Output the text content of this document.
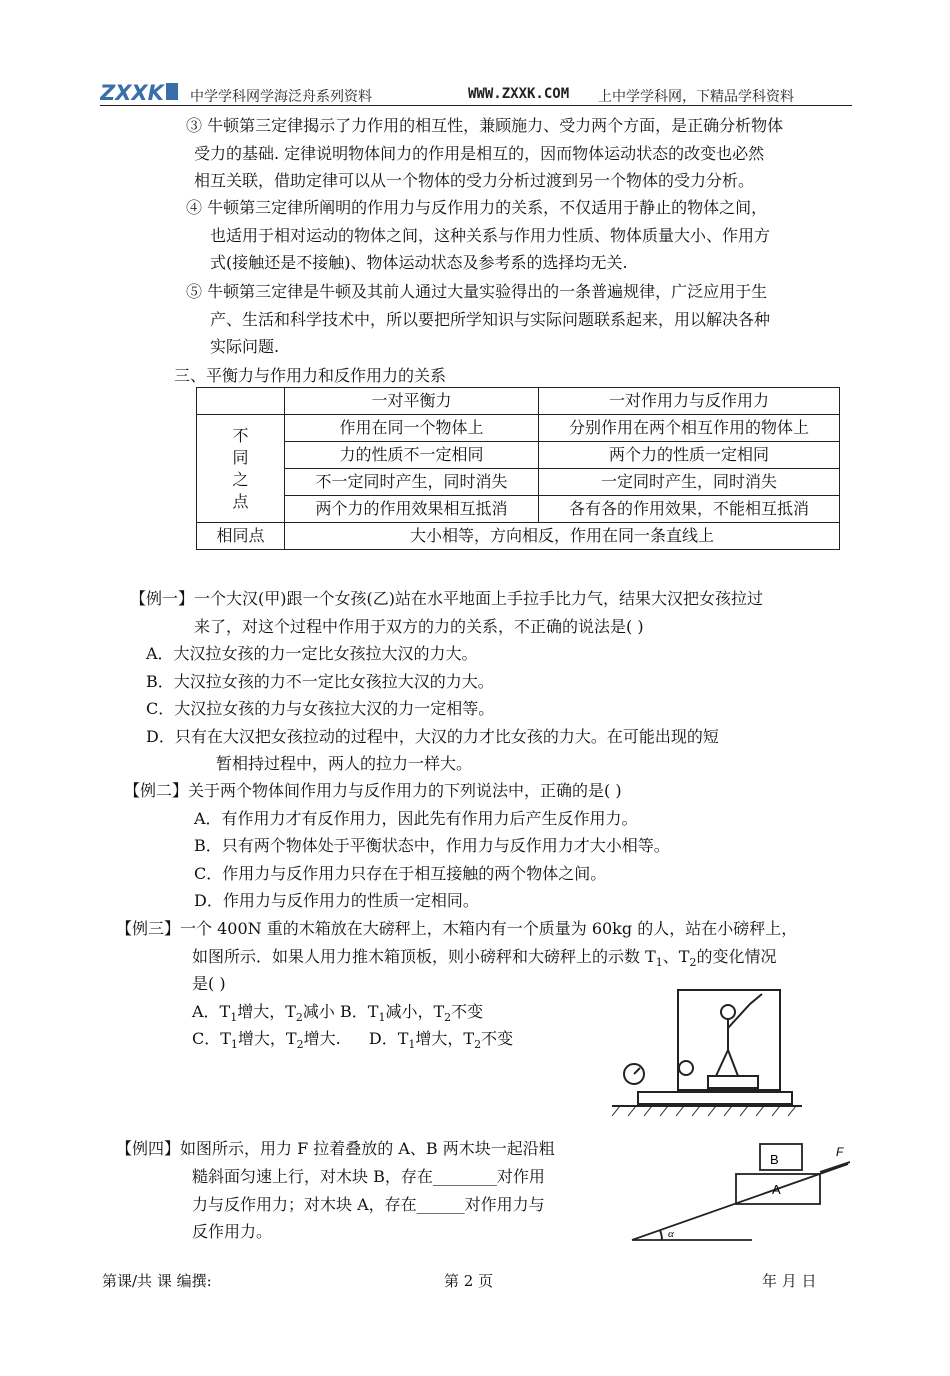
ZXXK 中学学科网学海泛舟系列资料	WWW.ZXXK.COM 上中学学科网，下精品学科资料
③ 牛顿第三定律揭示了力作用的相互性，兼顾施力、受力两个方面，是正确分析物体
受力的基础. 定律说明物体间力的作用是相互的，因而物体运动状态的改变也必然
相互关联，借助定律可以从一个物体的受力分析过渡到另一个物体的受力分析。
④ 牛顿第三定律所阐明的作用力与反作用力的关系，不仅适用于静止的物体之间，
也适用于相对运动的物体之间，这种关系与作用力性质、物体质量大小、作用方
式(接触还是不接触)、物体运动状态及参考系的选择均无关.
⑤ 牛顿第三定律是牛顿及其前人通过大量实验得出的一条普遍规律，广泛应用于生
产、生活和科学技术中，所以要把所学知识与实际问题联系起来，用以解决各种
实际问题.
三、平衡力与作用力和反作用力的关系
	一对平衡力	一对作用力与反作用力

不
同
之
点	作用在同一个物体上	分别作用在两个相互作用的物体上
	力的性质不一定相同	两个力的性质一定相同
	不一定同时产生，同时消失	一定同时产生，同时消失
	两个力的作用效果相互抵消	各有各的作用效果，不能相互抵消
相同点	大小相等，方向相反，作用在同一条直线上	
【例一】一个大汉(甲)跟一个女孩(乙)站在水平地面上手拉手比力气，结果大汉把女孩拉过
来了，对这个过程中作用于双方的力的关系，不正确的说法是( )
A．大汉拉女孩的力一定比女孩拉大汉的力大。
B．大汉拉女孩的力不一定比女孩拉大汉的力大。
C．大汉拉女孩的力与女孩拉大汉的力一定相等。
D．只有在大汉把女孩拉动的过程中，大汉的力才比女孩的力大。在可能出现的短
暂相持过程中，两人的拉力一样大。
【例二】关于两个物体间作用力与反作用力的下列说法中，正确的是( )
A．有作用力才有反作用力，因此先有作用力后产生反作用力。
B．只有两个物体处于平衡状态中，作用力与反作用力才大小相等。
C．作用力与反作用力只存在于相互接触的两个物体之间。
D．作用力与反作用力的性质一定相同。
【例三】一个 400N 重的木箱放在大磅秤上，木箱内有一个质量为 60kg 的人，站在小磅秤上，
如图所示．如果人用力推木箱顶板，则小磅秤和大磅秤上的示数 $T_1$、$T_2$的变化情况
是( )
A．$T_1$增大，$T_2$减小 B．$T_1$减小，$T_2$不变
C．$T_1$增大，$T_2$增大. D．$T_1$增大，$T_2$不变
【例四】如图所示，用力 F 拉着叠放的 A、B 两木块一起沿粗
糙斜面匀速上行，对木块 B，存在________对作用
力与反作用力；对木块 A，存在______对作用力与
反作用力。
B
A
F
α
第课/共 课 编撰:	第 2 页	年 月 日
